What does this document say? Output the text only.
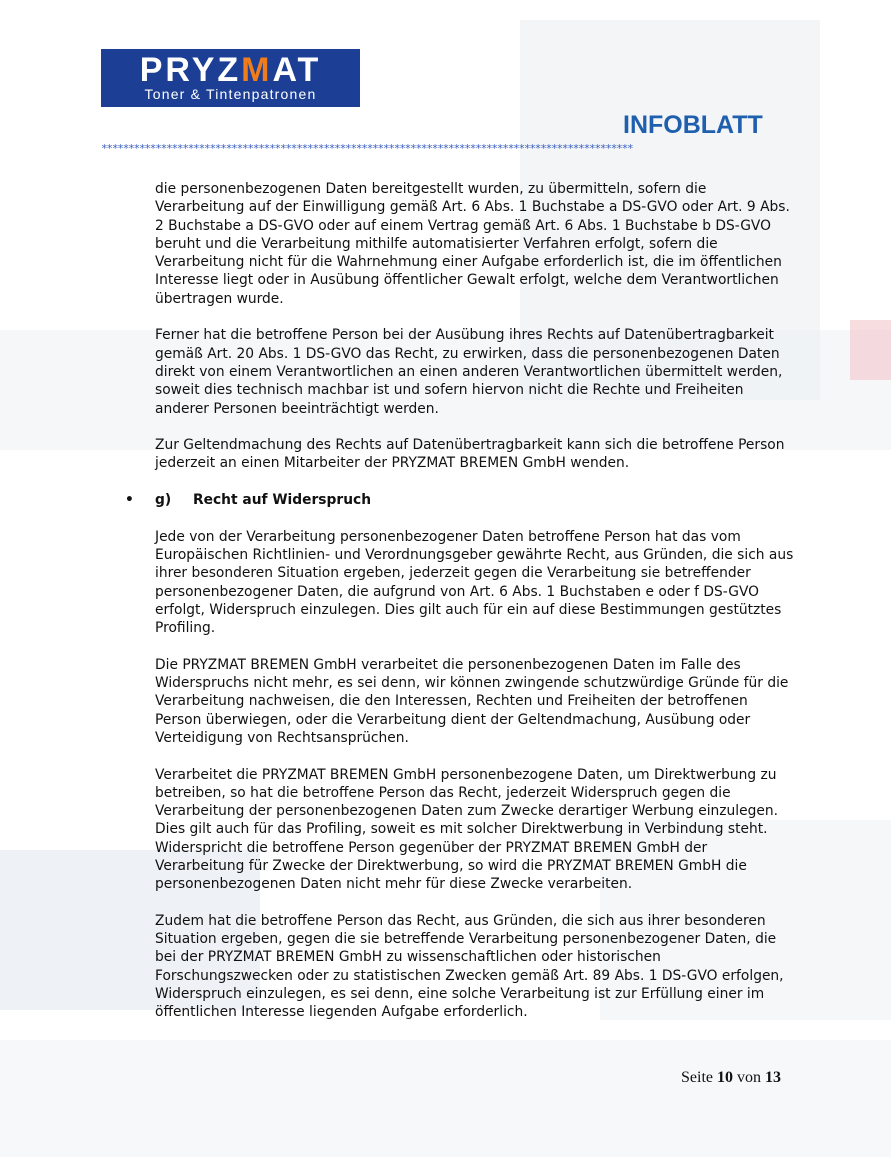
PRYZMAT
Toner & Tintenpatronen
INFOBLATT
**************************************************************************************************

die personenbezogenen Daten bereitgestellt wurden, zu übermitteln, sofern die Verarbeitung auf der Einwilligung gemäß Art. 6 Abs. 1 Buchstabe a DS-GVO oder Art. 9 Abs. 2 Buchstabe a DS-GVO oder auf einem Vertrag gemäß Art. 6 Abs. 1 Buchstabe b DS-GVO beruht und die Verarbeitung mithilfe automatisierter Verfahren erfolgt, sofern die Verarbeitung nicht für die Wahrnehmung einer Aufgabe erforderlich ist, die im öffentlichen Interesse liegt oder in Ausübung öffentlicher Gewalt erfolgt, welche dem Verantwortlichen übertragen wurde.

Ferner hat die betroffene Person bei der Ausübung ihres Rechts auf Datenübertragbarkeit gemäß Art. 20 Abs. 1 DS-GVO das Recht, zu erwirken, dass die personenbezogenen Daten direkt von einem Verantwortlichen an einen anderen Verantwortlichen übermittelt werden, soweit dies technisch machbar ist und sofern hiervon nicht die Rechte und Freiheiten anderer Personen beeinträchtigt werden.

Zur Geltendmachung des Rechts auf Datenübertragbarkeit kann sich die betroffene Person jederzeit an einen Mitarbeiter der PRYZMAT BREMEN GmbH wenden.

• g) Recht auf Widerspruch

Jede von der Verarbeitung personenbezogener Daten betroffene Person hat das vom Europäischen Richtlinien- und Verordnungsgeber gewährte Recht, aus Gründen, die sich aus ihrer besonderen Situation ergeben, jederzeit gegen die Verarbeitung sie betreffender personenbezogener Daten, die aufgrund von Art. 6 Abs. 1 Buchstaben e oder f DS-GVO erfolgt, Widerspruch einzulegen. Dies gilt auch für ein auf diese Bestimmungen gestütztes Profiling.

Die PRYZMAT BREMEN GmbH verarbeitet die personenbezogenen Daten im Falle des Widerspruchs nicht mehr, es sei denn, wir können zwingende schutzwürdige Gründe für die Verarbeitung nachweisen, die den Interessen, Rechten und Freiheiten der betroffenen Person überwiegen, oder die Verarbeitung dient der Geltendmachung, Ausübung oder Verteidigung von Rechtsansprüchen.

Verarbeitet die PRYZMAT BREMEN GmbH personenbezogene Daten, um Direktwerbung zu betreiben, so hat die betroffene Person das Recht, jederzeit Widerspruch gegen die Verarbeitung der personenbezogenen Daten zum Zwecke derartiger Werbung einzulegen. Dies gilt auch für das Profiling, soweit es mit solcher Direktwerbung in Verbindung steht. Widerspricht die betroffene Person gegenüber der PRYZMAT BREMEN GmbH der Verarbeitung für Zwecke der Direktwerbung, so wird die PRYZMAT BREMEN GmbH die personenbezogenen Daten nicht mehr für diese Zwecke verarbeiten.

Zudem hat die betroffene Person das Recht, aus Gründen, die sich aus ihrer besonderen Situation ergeben, gegen die sie betreffende Verarbeitung personenbezogener Daten, die bei der PRYZMAT BREMEN GmbH zu wissenschaftlichen oder historischen Forschungszwecken oder zu statistischen Zwecken gemäß Art. 89 Abs. 1 DS-GVO erfolgen, Widerspruch einzulegen, es sei denn, eine solche Verarbeitung ist zur Erfüllung einer im öffentlichen Interesse liegenden Aufgabe erforderlich.

Seite 10 von 13
